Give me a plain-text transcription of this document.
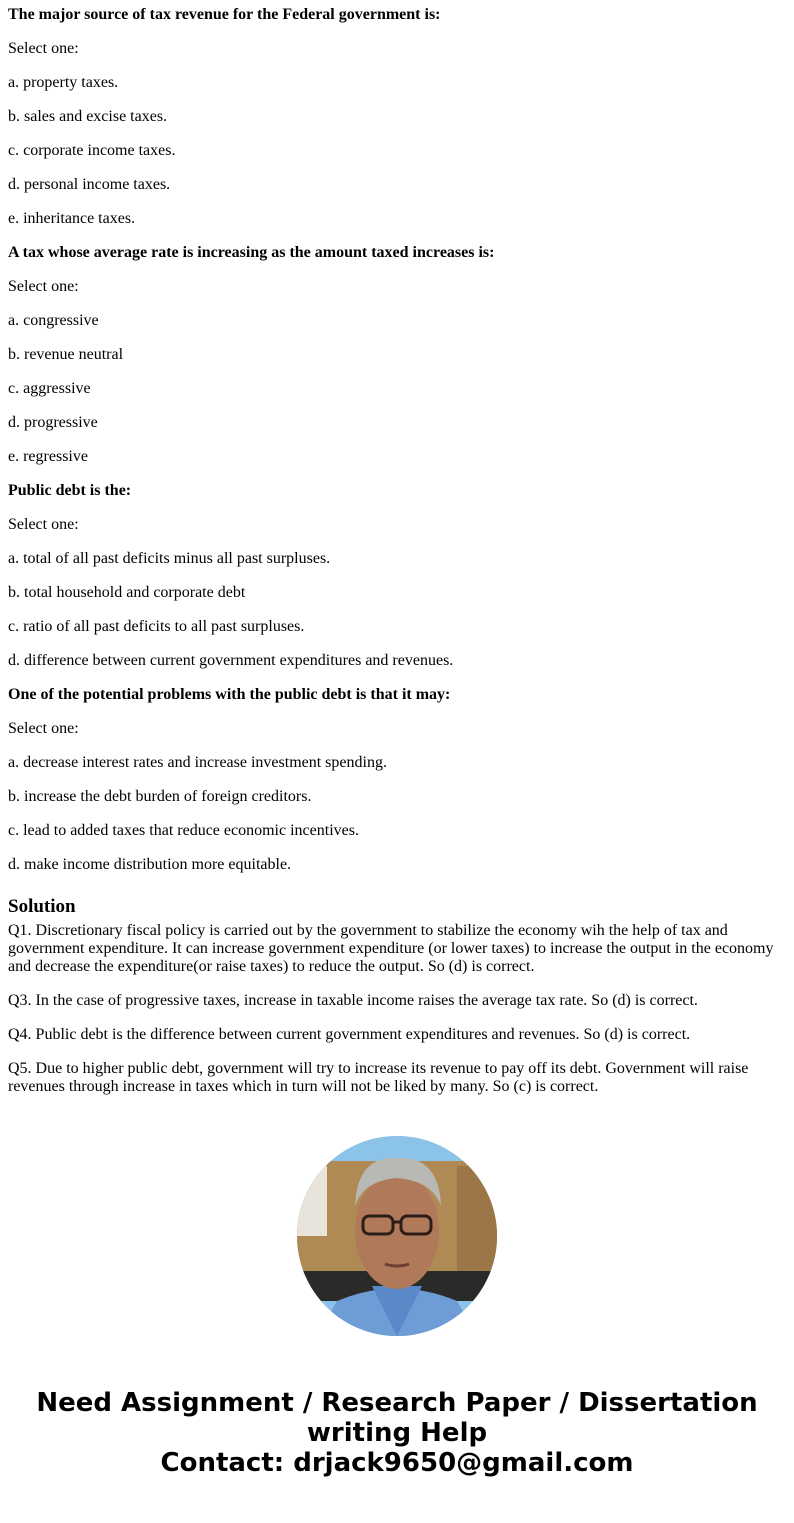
The major source of tax revenue for the Federal government is:
Select one:
a. property taxes.
b. sales and excise taxes.
c. corporate income taxes.
d. personal income taxes.
e. inheritance taxes.
A tax whose average rate is increasing as the amount taxed increases is:
Select one:
a. congressive
b. revenue neutral
c. aggressive
d. progressive
e. regressive
Public debt is the:
Select one:
a. total of all past deficits minus all past surpluses.
b. total household and corporate debt
c. ratio of all past deficits to all past surpluses.
d. difference between current government expenditures and revenues.
One of the potential problems with the public debt is that it may:
Select one:
a. decrease interest rates and increase investment spending.
b. increase the debt burden of foreign creditors.
c. lead to added taxes that reduce economic incentives.
d. make income distribution more equitable.
Solution

Q1. Discretionary fiscal policy is carried out by the government to stabilize the economy wih the help of tax and government expenditure. It can increase government expenditure (or lower taxes) to increase the output in the economy and decrease the expenditure(or raise taxes) to reduce the output. So (d) is correct.

Q3. In the case of progressive taxes, increase in taxable income raises the average tax rate. So (d) is correct.

Q4. Public debt is the difference between current government expenditures and revenues. So (d) is correct.

Q5. Due to higher public debt, government will try to increase its revenue to pay off its debt. Government will raise revenues through increase in taxes which in turn will not be liked by many. So (c) is correct.

Need Assignment / Research Paper / Dissertation
writing Help
Contact: drjack9650@gmail.com
